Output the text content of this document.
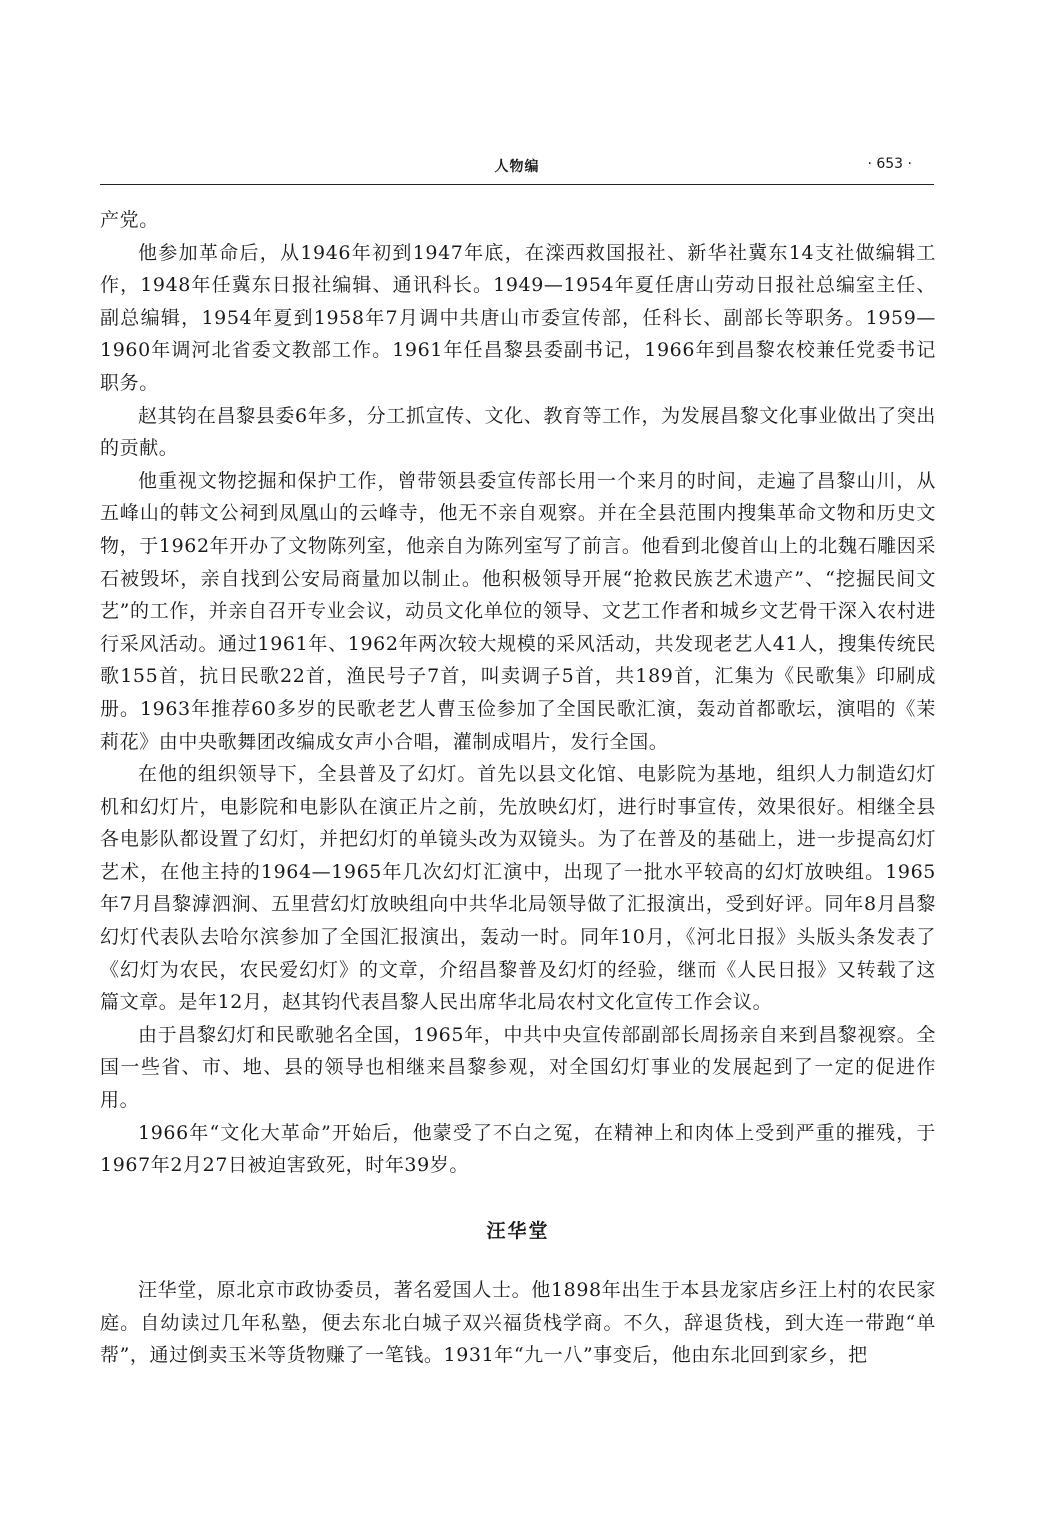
人物编	· 653 ·

产党。

他参加革命后，从1946年初到1947年底，在滦西救国报社、新华社冀东14支社做编辑工作，1948年任冀东日报社编辑、通讯科长。1949—1954年夏任唐山劳动日报社总编室主任、副总编辑，1954年夏到1958年7月调中共唐山市委宣传部，任科长、副部长等职务。1959—1960年调河北省委文教部工作。1961年任昌黎县委副书记，1966年到昌黎农校兼任党委书记职务。

赵其钧在昌黎县委6年多，分工抓宣传、文化、教育等工作，为发展昌黎文化事业做出了突出的贡献。

他重视文物挖掘和保护工作，曾带领县委宣传部长用一个来月的时间，走遍了昌黎山川，从五峰山的韩文公祠到凤凰山的云峰寺，他无不亲自观察。并在全县范围内搜集革命文物和历史文物，于1962年开办了文物陈列室，他亲自为陈列室写了前言。他看到北傻首山上的北魏石雕因采石被毁坏，亲自找到公安局商量加以制止。他积极领导开展“抢救民族艺术遗产”、“挖掘民间文艺”的工作，并亲自召开专业会议，动员文化单位的领导、文艺工作者和城乡文艺骨干深入农村进行采风活动。通过1961年、1962年两次较大规模的采风活动，共发现老艺人41人，搜集传统民歌155首，抗日民歌22首，渔民号子7首，叫卖调子5首，共189首，汇集为《民歌集》印刷成册。1963年推荐60多岁的民歌老艺人曹玉俭参加了全国民歌汇演，轰动首都歌坛，演唱的《茉莉花》由中央歌舞团改编成女声小合唱，灌制成唱片，发行全国。

在他的组织领导下，全县普及了幻灯。首先以县文化馆、电影院为基地，组织人力制造幻灯机和幻灯片，电影院和电影队在演正片之前，先放映幻灯，进行时事宣传，效果很好。相继全县各电影队都设置了幻灯，并把幻灯的单镜头改为双镜头。为了在普及的基础上，进一步提高幻灯艺术，在他主持的1964—1965年几次幻灯汇演中，出现了一批水平较高的幻灯放映组。1965年7月昌黎滹泗涧、五里营幻灯放映组向中共华北局领导做了汇报演出，受到好评。同年8月昌黎幻灯代表队去哈尔滨参加了全国汇报演出，轰动一时。同年10月，《河北日报》头版头条发表了《幻灯为农民，农民爱幻灯》的文章，介绍昌黎普及幻灯的经验，继而《人民日报》又转载了这篇文章。是年12月，赵其钧代表昌黎人民出席华北局农村文化宣传工作会议。

由于昌黎幻灯和民歌驰名全国，1965年，中共中央宣传部副部长周扬亲自来到昌黎视察。全国一些省、市、地、县的领导也相继来昌黎参观，对全国幻灯事业的发展起到了一定的促进作用。

1966年“文化大革命”开始后，他蒙受了不白之冤，在精神上和肉体上受到严重的摧残，于1967年2月27日被迫害致死，时年39岁。

汪华堂

汪华堂，原北京市政协委员，著名爱国人士。他1898年出生于本县龙家店乡汪上村的农民家庭。自幼读过几年私塾，便去东北白城子双兴福货栈学商。不久，辞退货栈，到大连一带跑“单帮”，通过倒卖玉米等货物赚了一笔钱。1931年“九一八”事变后，他由东北回到家乡，把
